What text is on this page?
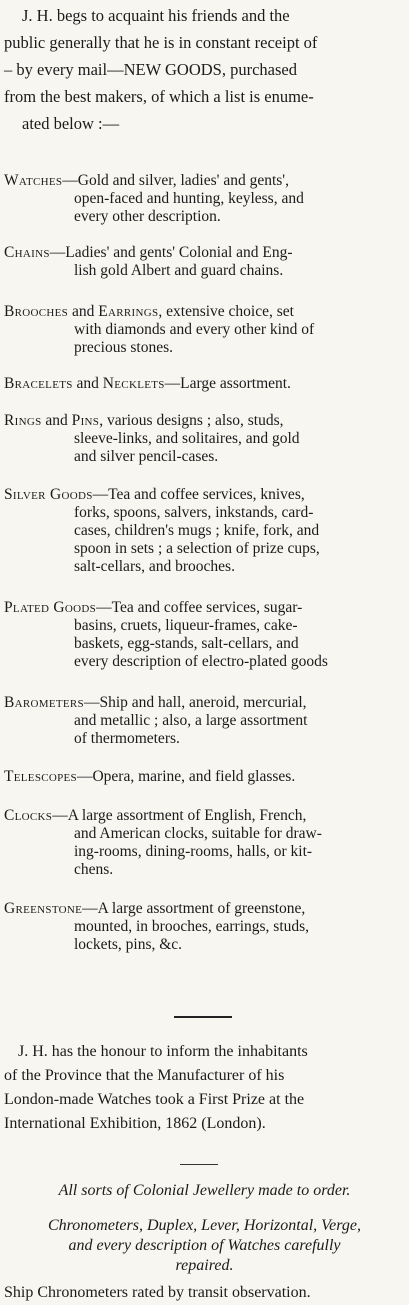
J. H. begs to acquaint his friends and the
public generally that he is in constant receipt of
– by every mail—NEW GOODS, purchased
from the best makers, of which a list is enume-
ated below :—
Watches—Gold and silver, ladies' and gents',
open-faced and hunting, keyless, and
every other description.
Chains—Ladies' and gents' Colonial and Eng-
lish gold Albert and guard chains.
Brooches and Earrings, extensive choice, set
with diamonds and every other kind of
precious stones.
Bracelets and Necklets—Large assortment.
Rings and Pins, various designs ; also, studs,
sleeve-links, and solitaires, and gold
and silver pencil-cases.
Silver Goods—Tea and coffee services, knives,
forks, spoons, salvers, inkstands, card-
cases, children's mugs ; knife, fork, and
spoon in sets ; a selection of prize cups,
salt-cellars, and brooches.
Plated Goods—Tea and coffee services, sugar-
basins, cruets, liqueur-frames, cake-
baskets, egg-stands, salt-cellars, and
every description of electro-plated goods
Barometers—Ship and hall, aneroid, mercurial,
and metallic ; also, a large assortment
of thermometers.
Telescopes—Opera, marine, and field glasses.
Clocks—A large assortment of English, French,
and American clocks, suitable for draw-
ing-rooms, dining-rooms, halls, or kit-
chens.
Greenstone—A large assortment of greenstone,
mounted, in brooches, earrings, studs,
lockets, pins, &c.
J. H. has the honour to inform the inhabitants
of the Province that the Manufacturer of his
London-made Watches took a First Prize at the
International Exhibition, 1862 (London).
All sorts of Colonial Jewellery made to order.
Chronometers, Duplex, Lever, Horizontal, Verge,
and every description of Watches carefully
repaired.
Ship Chronometers rated by transit observation.
